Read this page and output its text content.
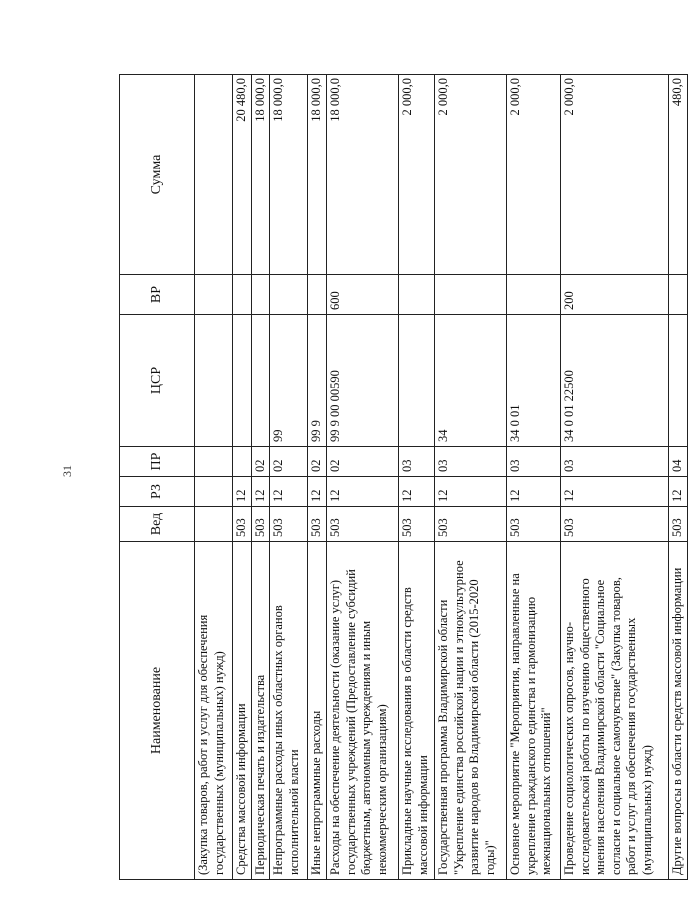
31
Наименование	Вед	РЗ	ПР	ЦСР	ВР	Сумма
(Закупка товаров, работ и услуг для обеспечения государственных (муниципальных) нужд)						
Средства массовой информации	503	12				20 480,0
Периодическая печать и издательства	503	12	02			18 000,0
Непрограммные расходы иных областных органов исполнительной власти	503	12	02	99		18 000,0
Иные непрограммные расходы	503	12	02	99 9		18 000,0
Расходы на обеспечение деятельности (оказание услуг) государственных учреждений (Предоставление субсидий бюджетным, автономным учреждениям и иным некоммерческим организациям)	503	12	02	99 9 00 00590	600	18 000,0
Прикладные научные исследования в области средств массовой информации	503	12	03			2 000,0
Государственная программа Владимирской области "Укрепление единства российской нации и этнокультурное развитие народов во Владимирской области (2015-2020 годы)"	503	12	03	34		2 000,0
Основное мероприятие "Мероприятия, направленные на укрепление гражданского единства и гармонизацию межнациональных отношений"	503	12	03	34 0 01		2 000,0
Проведение социологических опросов, научно-исследовательской работы по изучению общественного мнения населения Владимирской области "Социальное согласие и социальное самочувствие" (Закупка товаров, работ и услуг для обеспечения государственных (муниципальных) нужд)	503	12	03	34 0 01 22500	200	2 000,0
Другие вопросы в области средств массовой информации	503	12	04			480,0
